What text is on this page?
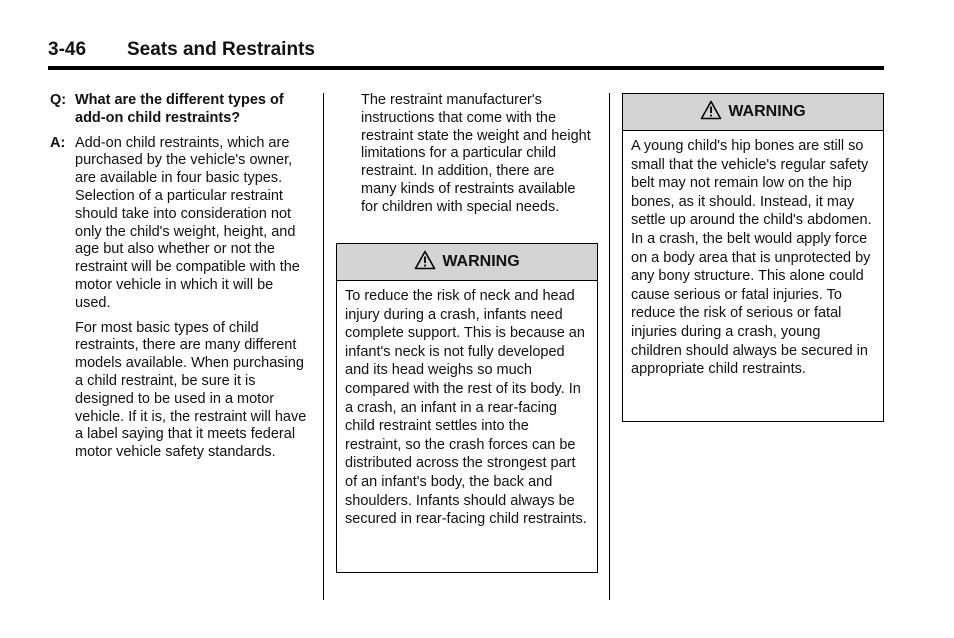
3-46 Seats and Restraints
Q: What are the different types of add-on child restraints?
A: Add-on child restraints, which are purchased by the vehicle's owner, are available in four basic types. Selection of a particular restraint should take into consideration not only the child's weight, height, and age but also whether or not the restraint will be compatible with the motor vehicle in which it will be used.
For most basic types of child restraints, there are many different models available. When purchasing a child restraint, be sure it is designed to be used in a motor vehicle. If it is, the restraint will have a label saying that it meets federal motor vehicle safety standards.
The restraint manufacturer's instructions that come with the restraint state the weight and height limitations for a particular child restraint. In addition, there are many kinds of restraints available for children with special needs.
WARNING
To reduce the risk of neck and head injury during a crash, infants need complete support. This is because an infant's neck is not fully developed and its head weighs so much compared with the rest of its body. In a crash, an infant in a rear-facing child restraint settles into the restraint, so the crash forces can be distributed across the strongest part of an infant's body, the back and shoulders. Infants should always be secured in rear-facing child restraints.
WARNING
A young child's hip bones are still so small that the vehicle's regular safety belt may not remain low on the hip bones, as it should. Instead, it may settle up around the child's abdomen. In a crash, the belt would apply force on a body area that is unprotected by any bony structure. This alone could cause serious or fatal injuries. To reduce the risk of serious or fatal injuries during a crash, young children should always be secured in appropriate child restraints.
